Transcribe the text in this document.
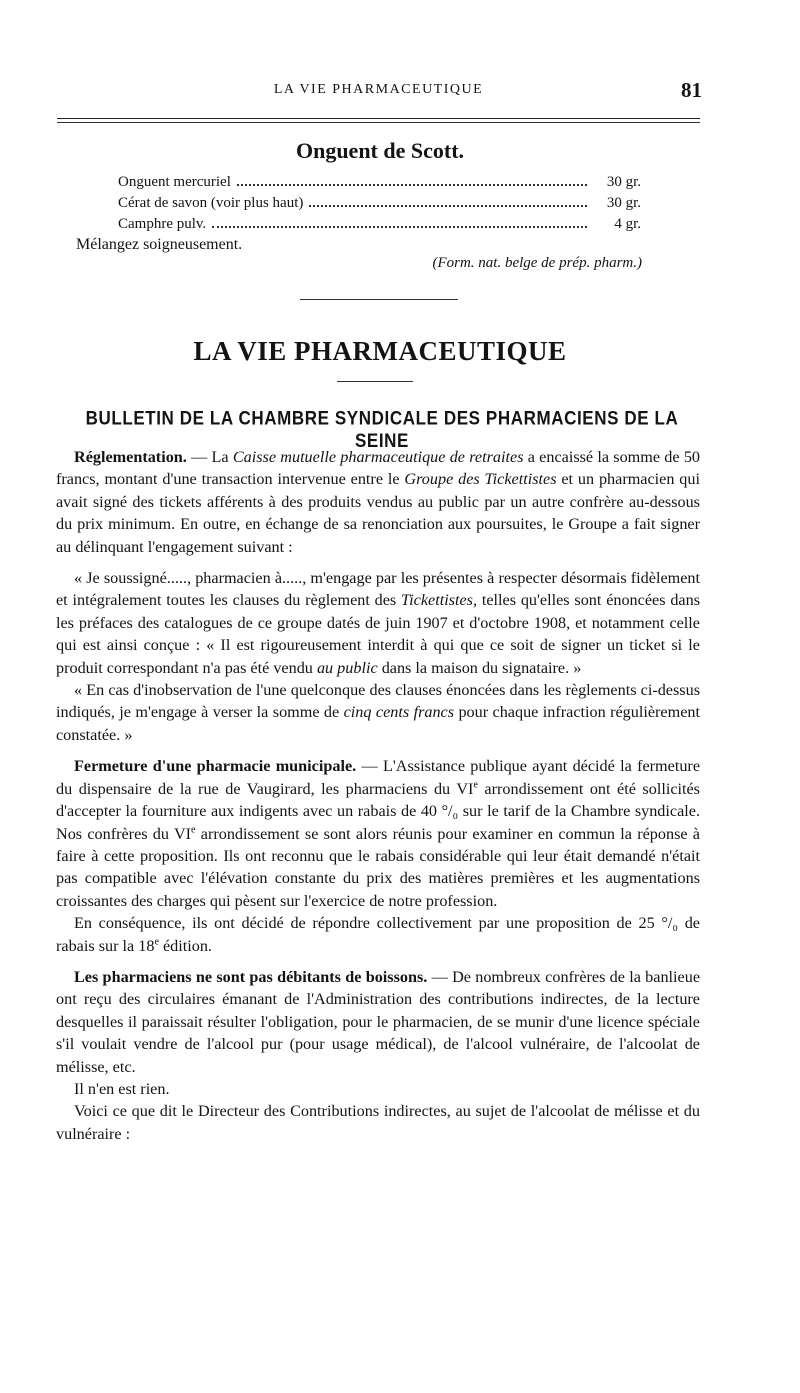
LA VIE PHARMACEUTIQUE	81
Onguent de Scott.
Onguent mercuriel	30 gr.
Cérat de savon (voir plus haut)	30 gr.
Camphre pulv.	4 gr.
Mélangez soigneusement.
(Form. nat. belge de prép. pharm.)
LA VIE PHARMACEUTIQUE
BULLETIN DE LA CHAMBRE SYNDICALE DES PHARMACIENS DE LA SEINE

Réglementation. — La Caisse mutuelle pharmaceutique de retraites a encaissé la somme de 50 francs, montant d'une transaction intervenue entre le Groupe des Tickettistes et un pharmacien qui avait signé des tickets afférents à des produits vendus au public par un autre confrère au-dessous du prix minimum. En outre, en échange de sa renonciation aux poursuites, le Groupe a fait signer au délinquant l'engagement suivant :

« Je soussigné....., pharmacien à....., m'engage par les présentes à respecter désormais fidèlement et intégralement toutes les clauses du règlement des Tickettistes, telles qu'elles sont énoncées dans les préfaces des catalogues de ce groupe datés de juin 1907 et d'octobre 1908, et notamment celle qui est ainsi conçue : « Il est rigoureusement interdit à qui que ce soit de signer un ticket si le produit correspondant n'a pas été vendu au public dans la maison du signataire. »

« En cas d'inobservation de l'une quelconque des clauses énoncées dans les règlements ci-dessus indiqués, je m'engage à verser la somme de cinq cents francs pour chaque infraction régulièrement constatée. »

Fermeture d'une pharmacie municipale. — L'Assistance publique ayant décidé la fermeture du dispensaire de la rue de Vaugirard, les pharmaciens du VIe arrondissement ont été sollicités d'accepter la fourniture aux indigents avec un rabais de 40 °/₀ sur le tarif de la Chambre syndicale. Nos confrères du VIe arrondissement se sont alors réunis pour examiner en commun la réponse à faire à cette proposition. Ils ont reconnu que le rabais considérable qui leur était demandé n'était pas compatible avec l'élévation constante du prix des matières premières et les augmentations croissantes des charges qui pèsent sur l'exercice de notre profession.

En conséquence, ils ont décidé de répondre collectivement par une proposition de 25 °/₀ de rabais sur la 18e édition.

Les pharmaciens ne sont pas débitants de boissons. — De nombreux confrères de la banlieue ont reçu des circulaires émanant de l'Administration des contributions indirectes, de la lecture desquelles il paraissait résulter l'obligation, pour le pharmacien, de se munir d'une licence spéciale s'il voulait vendre de l'alcool pur (pour usage médical), de l'alcool vulnéraire, de l'alcoolat de mélisse, etc.

Il n'en est rien.

Voici ce que dit le Directeur des Contributions indirectes, au sujet de l'alcoolat de mélisse et du vulnéraire :
